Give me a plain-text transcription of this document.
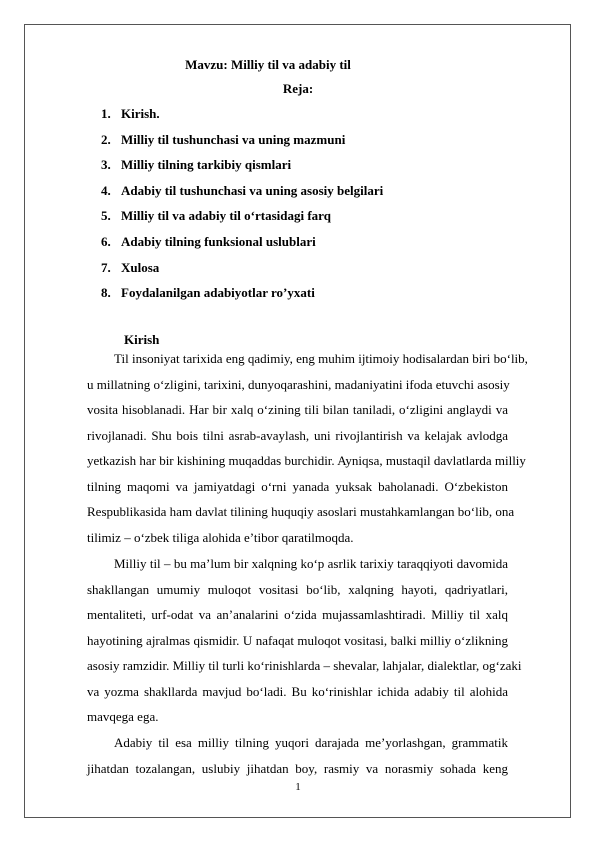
Mavzu: Milliy til va adabiy til
Reja:
1. Kirish.
2. Milliy til tushunchasi va uning mazmuni
3. Milliy tilning tarkibiy qismlari
4. Adabiy til tushunchasi va uning asosiy belgilari
5. Milliy til va adabiy til o‘rtasidagi farq
6. Adabiy tilning funksional uslublari
7. Xulosa
8. Foydalanilgan adabiyotlar ro’yxati
Kirish
Til insoniyat tarixida eng qadimiy, eng muhim ijtimoiy hodisalardan biri bo‘lib,
u millatning o‘zligini, tarixini, dunyoqarashini, madaniyatini ifoda etuvchi asosiy
vosita hisoblanadi. Har bir xalq o‘zining tili bilan taniladi, o‘zligini anglaydi va
rivojlanadi. Shu bois tilni asrab-avaylash, uni rivojlantirish va kelajak avlodga
yetkazish har bir kishining muqaddas burchidir. Ayniqsa, mustaqil davlatlarda milliy
tilning maqomi va jamiyatdagi o‘rni yanada yuksak baholanadi. O‘zbekiston
Respublikasida ham davlat tilining huquqiy asoslari mustahkamlangan bo‘lib, ona
tilimiz – o‘zbek tiliga alohida e’tibor qaratilmoqda.
Milliy til – bu ma’lum bir xalqning ko‘p asrlik tarixiy taraqqiyoti davomida
shakllangan umumiy muloqot vositasi bo‘lib, xalqning hayoti, qadriyatlari,
mentaliteti, urf-odat va an’analarini o‘zida mujassamlashtiradi. Milliy til xalq
hayotining ajralmas qismidir. U nafaqat muloqot vositasi, balki milliy o‘zlikning
asosiy ramzidir. Milliy til turli ko‘rinishlarda – shevalar, lahjalar, dialektlar, og‘zaki
va yozma shakllarda mavjud bo‘ladi. Bu ko‘rinishlar ichida adabiy til alohida
mavqega ega.
Adabiy til esa milliy tilning yuqori darajada me’yorlashgan, grammatik
jihatdan tozalangan, uslubiy jihatdan boy, rasmiy va norasmiy sohada keng
1
